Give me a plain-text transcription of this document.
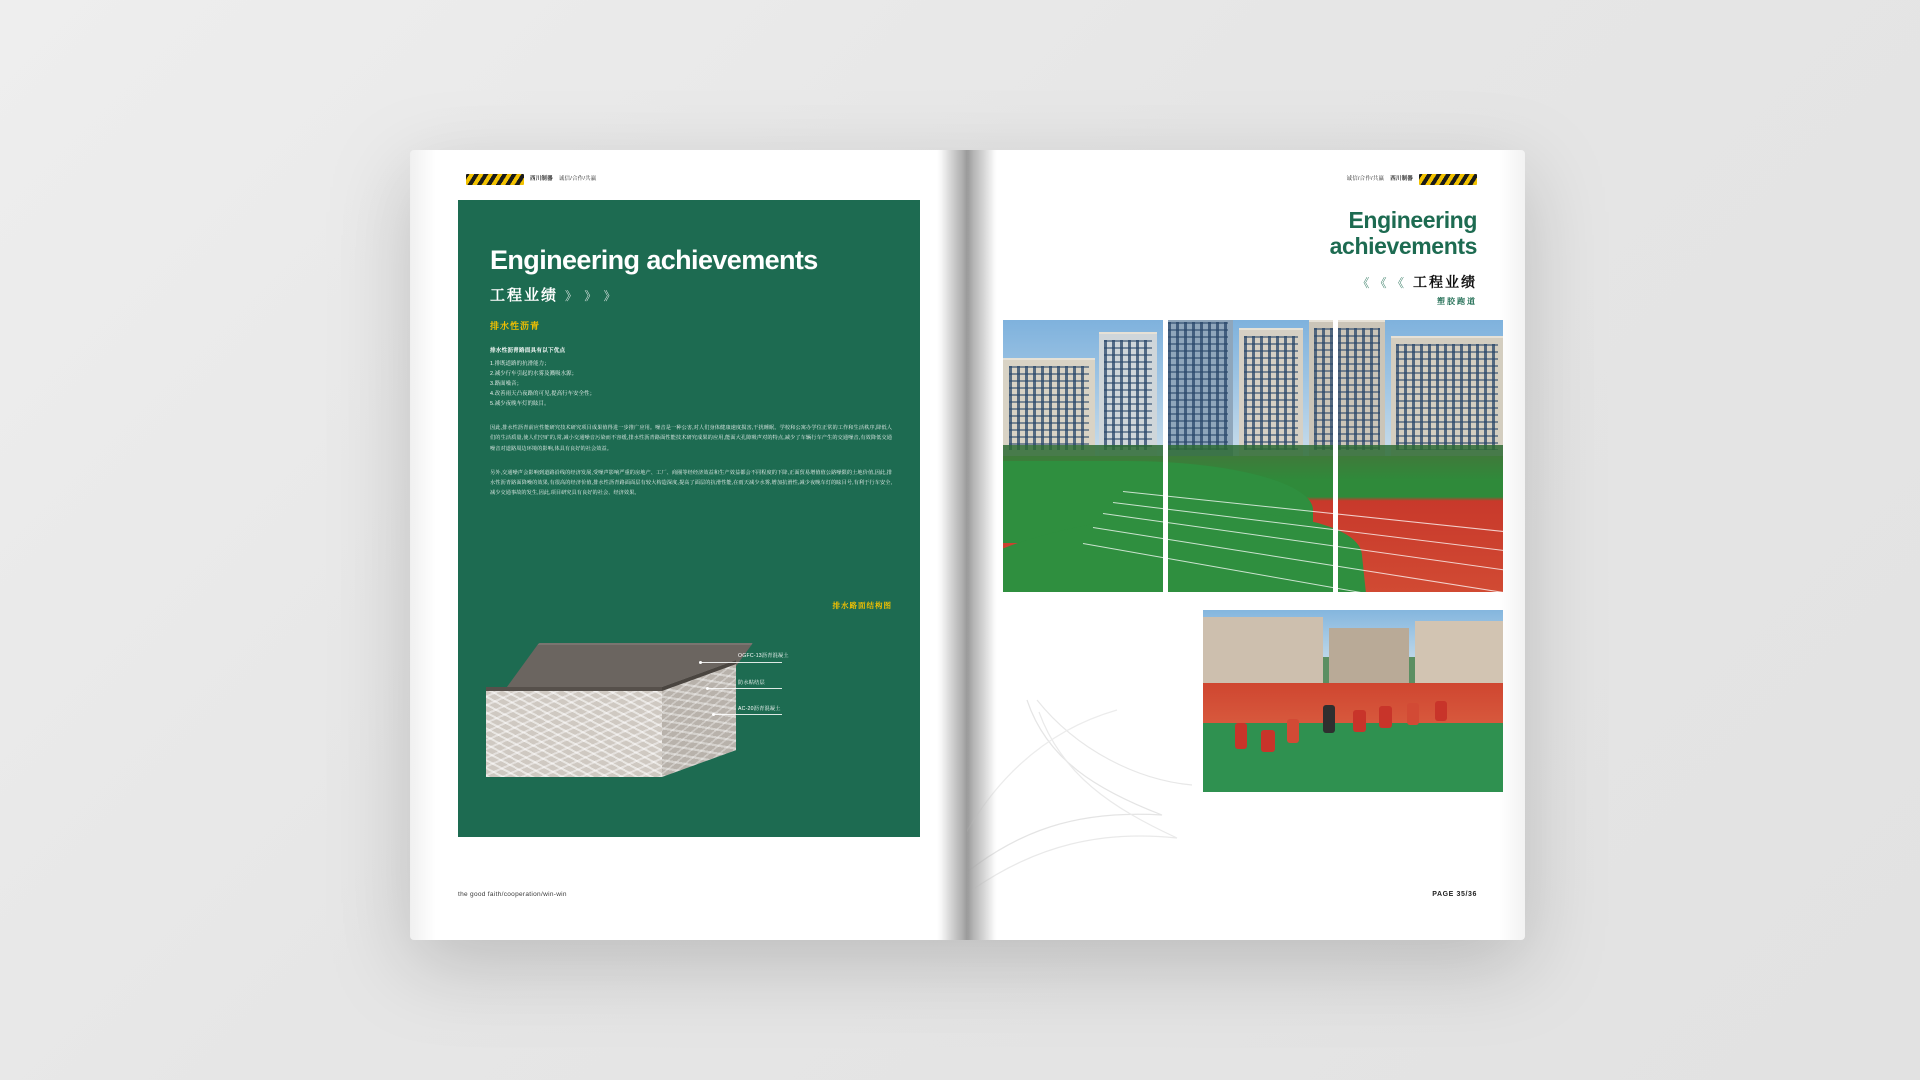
西川制器 诚信/合作/共赢
Engineering achievements
工程业绩 》 》 》
排水性沥青
排水性沥青路面具有以下优点
1.排既道路的抗滑能力；
2.减少行车引起的水雾及溅吸水源；
3.路面噪音；
4.改善雨天凸夜路的可见,提高行车安全性；
5.减少夜晚车灯的眩目。

因此,排水性沥青前应性能研究技术研究项目成果值得进一步推广应用。噪音是一种公害,对人们身体健康速度损害,干扰睡眠、学校和公寓办学位正常的工作和生活秩序,降低人们的生活质量,使人们空旷的,常,减小交通噪音污染而不容缓,排水性沥青路面性能技术研究成果的应用,能面大孔隙吸声对的特点,减少了车辆行车产生的交通噪音,有效降低交通噪音对道路周边环境的影响,体具有良好的社会效益。

另外,交通噪声会影响到道路沿线的经济发展,受噪声影响严重的房地产、工厂、商圈等经经济效益和生产效益都会不同程度的下降,正面贸易增值值公路噪限的土地价值,因此,排水性沥青路面降噪的效果,有很高的经济价值,排水性沥青路面面层有较大构造深度,提高了面层的抗滑性能,在雨天减少水雾,增加抗滑性,减少夜晚车灯的眩目号,有利于行车安全,减少交通事故的发生,因此,项目研究具有良好的社会、经济效果。

排水路面结构图
OGFC-13沥青混凝土
防水粘结层
AC-20沥青混凝土
the good faith/cooperation/win-win
西川制器
诚信/合作/共赢
Engineering
achievements
《 《 《 工程业绩
塑胶跑道
PAGE 35/36
